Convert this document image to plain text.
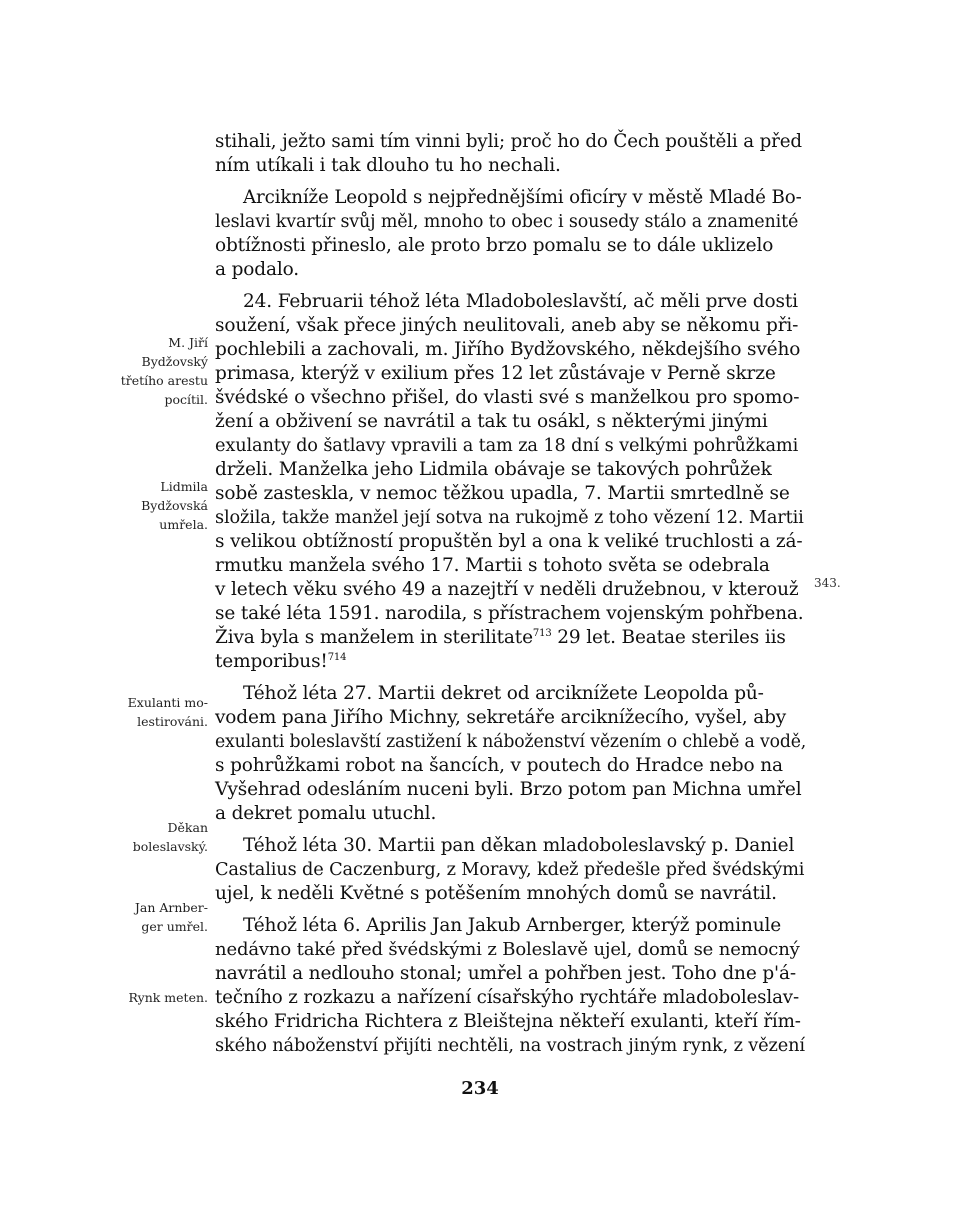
stihali, ježto sami tím vinni byli; proč ho do Čech pouštěli a před
ním utíkali i tak dlouho tu ho nechali.
Arcikníže Leopold s nejpřednějšími oficíry v městě Mladé Bo-
leslavi kvartír svůj měl, mnoho to obec i sousedy stálo a znamenité
obtížnosti přineslo, ale proto brzo pomalu se to dále uklizelo
a podalo.
24. Februarii téhož léta Mladoboleslavští, ač měli prve dosti
soužení, však přece jiných neulitovali, aneb aby se někomu při-
pochlebili a zachovali, m. Jiřího Bydžovského, někdejšího svého
primasa, kterýž v exilium přes 12 let zůstávaje v Perně skrze
švédské o všechno přišel, do vlasti své s manželkou pro spomo-
žení a obživení se navrátil a tak tu osákl, s některými jinými
exulanty do šatlavy vpravili a tam za 18 dní s velkými pohrůžkami
drželi. Manželka jeho Lidmila obávaje se takových pohrůžek
sobě zasteskla, v nemoc těžkou upadla, 7. Martii smrtedlně se
složila, takže manžel její sotva na rukojmě z toho vězení 12. Martii
s velikou obtížností propuštěn byl a ona k veliké truchlosti a zá-
rmutku manžela svého 17. Martii s tohoto světa se odebrala
v letech věku svého 49 a nazejtří v neděli družebnou, v kterouž
se také léta 1591. narodila, s přístrachem vojenským pohřbena.
Živa byla s manželem in sterilitate$^{713}$ 29 let. Beatae steriles iis
temporibus!$^{714}$
Téhož léta 27. Martii dekret od arciknížete Leopolda pů-
vodem pana Jiřího Michny, sekretáře arciknížecího, vyšel, aby
exulanti boleslavští zastižení k náboženství vězením o chlebě a vodě,
s pohrůžkami robot na šancích, v poutech do Hradce nebo na
Vyšehrad odesláním nuceni byli. Brzo potom pan Michna umřel
a dekret pomalu utuchl.
Téhož léta 30. Martii pan děkan mladoboleslavský p. Daniel
Castalius de Caczenburg, z Moravy, kdež předešle před švédskými
ujel, k neděli Květné s potěšením mnohých domů se navrátil.
Téhož léta 6. Aprilis Jan Jakub Arnberger, kterýž pominule
nedávno také před švédskými z Boleslavě ujel, domů se nemocný
navrátil a nedlouho stonal; umřel a pohřben jest. Toho dne p'á-
tečního z rozkazu a nařízení císařskýho rychtáře mladoboleslav-
ského Fridricha Richtera z Bleištejna někteří exulanti, kteří řím-
ského náboženství přijíti nechtěli, na vostrach jiným rynk, z vězení
M. Jiří
Bydžovský
třetího arestu
pocítil.
Lidmila
Bydžovská
umřela.
Exulanti mo-
lestirováni.
Děkan
boleslavský.
Jan Arnber-
ger umřel.
Rynk meten.
343.
234
